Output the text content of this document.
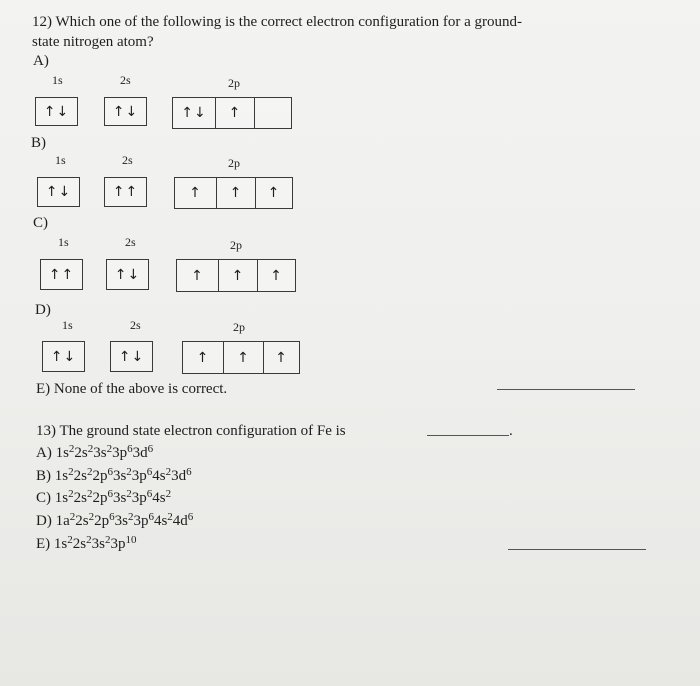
12) Which one of the following is the correct electron configuration for a ground-
state nitrogen atom?
A)
1s	2s	2p
↑↓	↑↓	↑↓	↑
B)
1s	2s	2p
↑↓	↑↑	↑	↑	↑
C)
1s	2s	2p
↑↑	↑↓	↑	↑	↑
D)
1s	2s	2p
↑↓	↑↓	↑	↑	↑
E) None of the above is correct.
13) The ground state electron configuration of Fe is	.
A) $1s^22s^23s^23p^63d^6$
B) $1s^22s^22p^63s^23p^64s^23d^6$
C) $1s^22s^22p^63s^23p^64s^2$
D) $1a^22s^22p^63s^23p^64s^24d^6$
E) $1s^22s^23s^23p^{10}$
